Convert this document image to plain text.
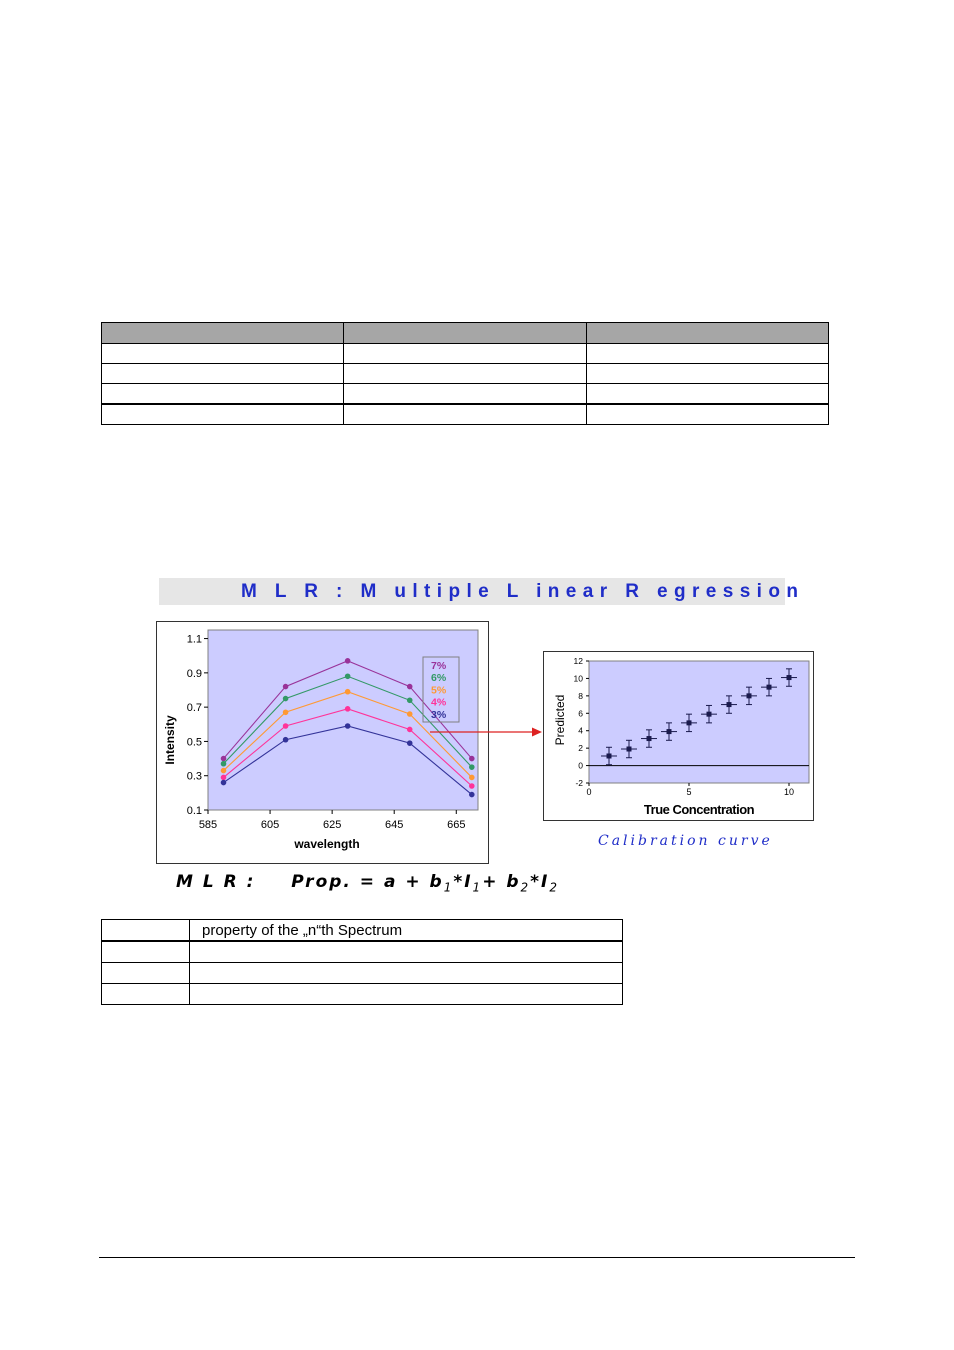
M L R : M ultiple L inear R egression
585	605	625	645	665
0.1
0.3
0.5
0.7
0.9
1.1
wavelength
Intensity
7%
6%
5%
4%
3%
0	5	10
-2
0
2
4
6
8
10
12
True Concentration
Predicted
Calibration curve
M L R : Prop. = $a + b_1*I_1+ b_2*I_2$
	property of the „n“th Spectrum
